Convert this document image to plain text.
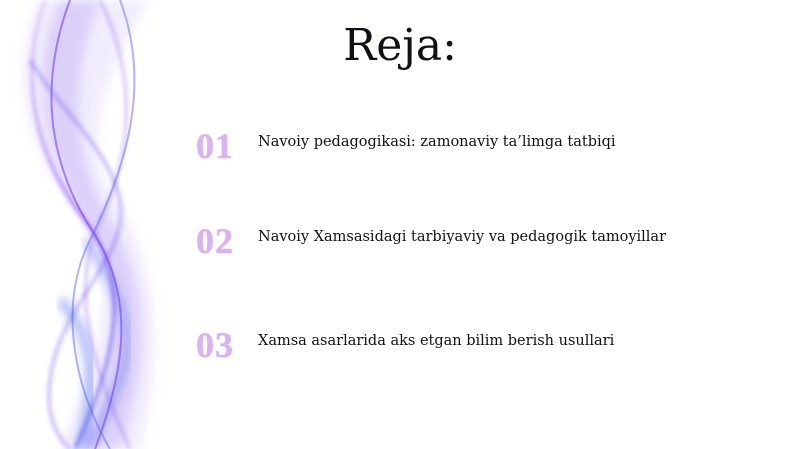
Reja:
01	Navoiy pedagogikasi: zamonaviy ta’limga tatbiqi
02	Navoiy Xamsasidagi tarbiyaviy va pedagogik tamoyillar
03	Xamsa asarlarida aks etgan bilim berish usullari
